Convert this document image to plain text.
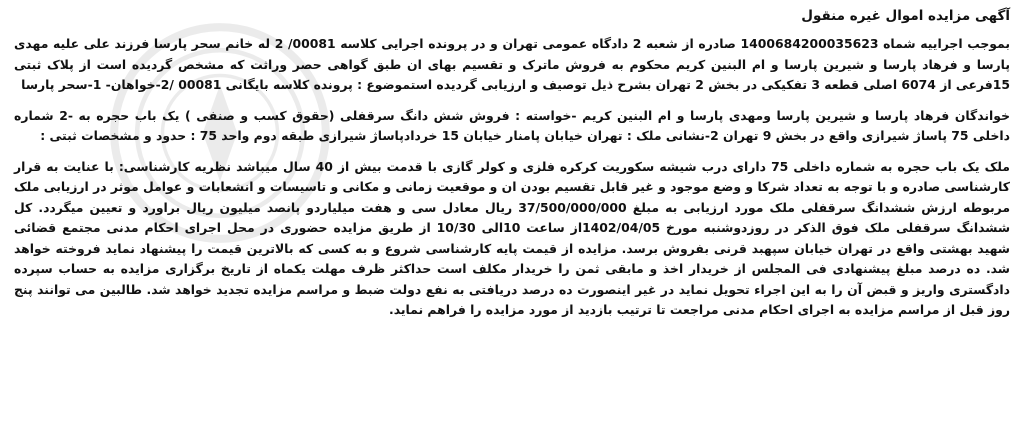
آگهی مزایده اموال غیره منقول

بموجب اجراییه شماه 1400684200035623 صادره از شعبه 2 دادگاه عمومی تهران و در پرونده اجرایی کلاسه 00081/ 2 له خانم سحر پارسا فرزند علی علیه مهدی پارسا و فرهاد پارسا و شیرین پارسا و ام البنین کریم محکوم به فروش ماترک و تقسیم بهای ان طبق گواهی حصر وراثت که مشخص گردیده است از پلاک ثبتی 15فرعی از 6074 اصلی قطعه 3 تفکیکی در بخش 2 تهران بشرح ذیل توصیف و ارزیابی گردیده استموضوع : پرونده کلاسه بایگانی 00081 /2-خواهان- 1-سحر پارسا

خواندگان فرهاد پارسا و شیرین پارسا ومهدی پارسا و ام البنین کریم -خواسته : فروش شش دانگ سرقفلی (حقوق کسب و صنفی ) یک باب حجره به -2 شماره داخلی 75 پاساژ شیرازی واقع در بخش 9 تهران 2-نشانی ملک : تهران خیابان پامنار خیابان 15 خردادپاساژ شیرازی طبقه دوم واحد 75 : حدود و مشخصات ثبتی :

ملک یک باب حجره به شماره داخلی 75 دارای درب شیشه سکوریت کرکره فلزی و کولر گازی با قدمت بیش از 40 سال میباشد نظریه کارشناسی: با عنایت به قرار کارشناسی صادره و با توجه به تعداد شرکا و وضع موجود و غیر قابل تقسیم بودن ان و موقعیت زمانی و مکانی و تاسیسات و انشعابات و عوامل موثر در ارزیابی ملک مربوطه ارزش ششدانگ سرقفلی ملک مورد ارزیابی به مبلغ 37/500/000/000 ریال معادل سی و هفت میلیاردو پانصد میلیون ریال براورد و تعیین میگردد. کل ششدانگ سرقفلی ملک فوق الذکر در روزدوشنبه مورخ 1402/04/05از ساعت 10الی 10/30 از طریق مزایده حضوری در محل اجرای احکام مدنی مجتمع قضائی شهید بهشتی واقع در تهران خیابان سپهبد قرنی بفروش برسد. مزایده از قیمت پایه کارشناسی شروع و به کسی که بالاترین قیمت را پیشنهاد نماید فروخته خواهد شد. ده درصد مبلغ پیشنهادی فی المجلس از خریدار اخذ و مابقی ثمن را خریدار مکلف است حداکثر ظرف مهلت یکماه از تاریخ برگزاری مزایده به حساب سپرده دادگستری واریز و قبض آن را به این اجراء تحویل نماید در غیر اینصورت ده درصد دریافتی به نفع دولت ضبط و مراسم مزایده تجدید خواهد شد. طالبین می توانند پنج روز قبل از مراسم مزایده به اجرای احکام مدنی مراجعت تا ترتیب بازدید از مورد مزایده را فراهم نماید.
